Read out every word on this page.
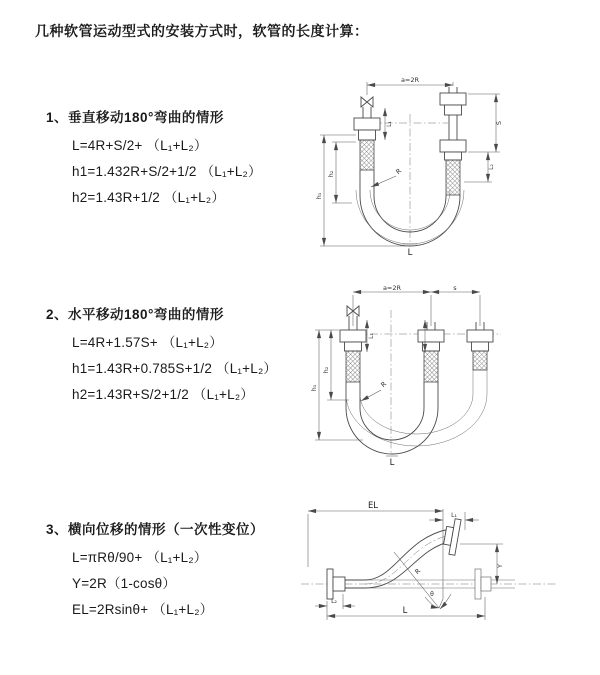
几种软管运动型式的安装方式时，软管的长度计算：
1、垂直移动180°弯曲的情形
L=4R+S/2+ （L₁+L₂）
h1=1.432R+S/2+1/2 （L₁+L₂）
h2=1.43R+1/2 （L₁+L₂）
2、水平移动180°弯曲的情形
L=4R+1.57S+ （L₁+L₂）
h1=1.43R+0.785S+1/2 （L₁+L₂）
h2=1.43R+S/2+1/2 （L₁+L₂）
3、横向位移的情形（一次性变位）
L=πRθ/90+ （L₁+L₂）
Y=2R（1-cosθ）
EL=2Rsinθ+ （L₁+L₂）
a=2R
h₁
h₂
L₁	S
L₂
R
L
a=2R	s
h₁
h₂
L₁
R
L
EL
L₁
θ
R
Y
L
L₂
